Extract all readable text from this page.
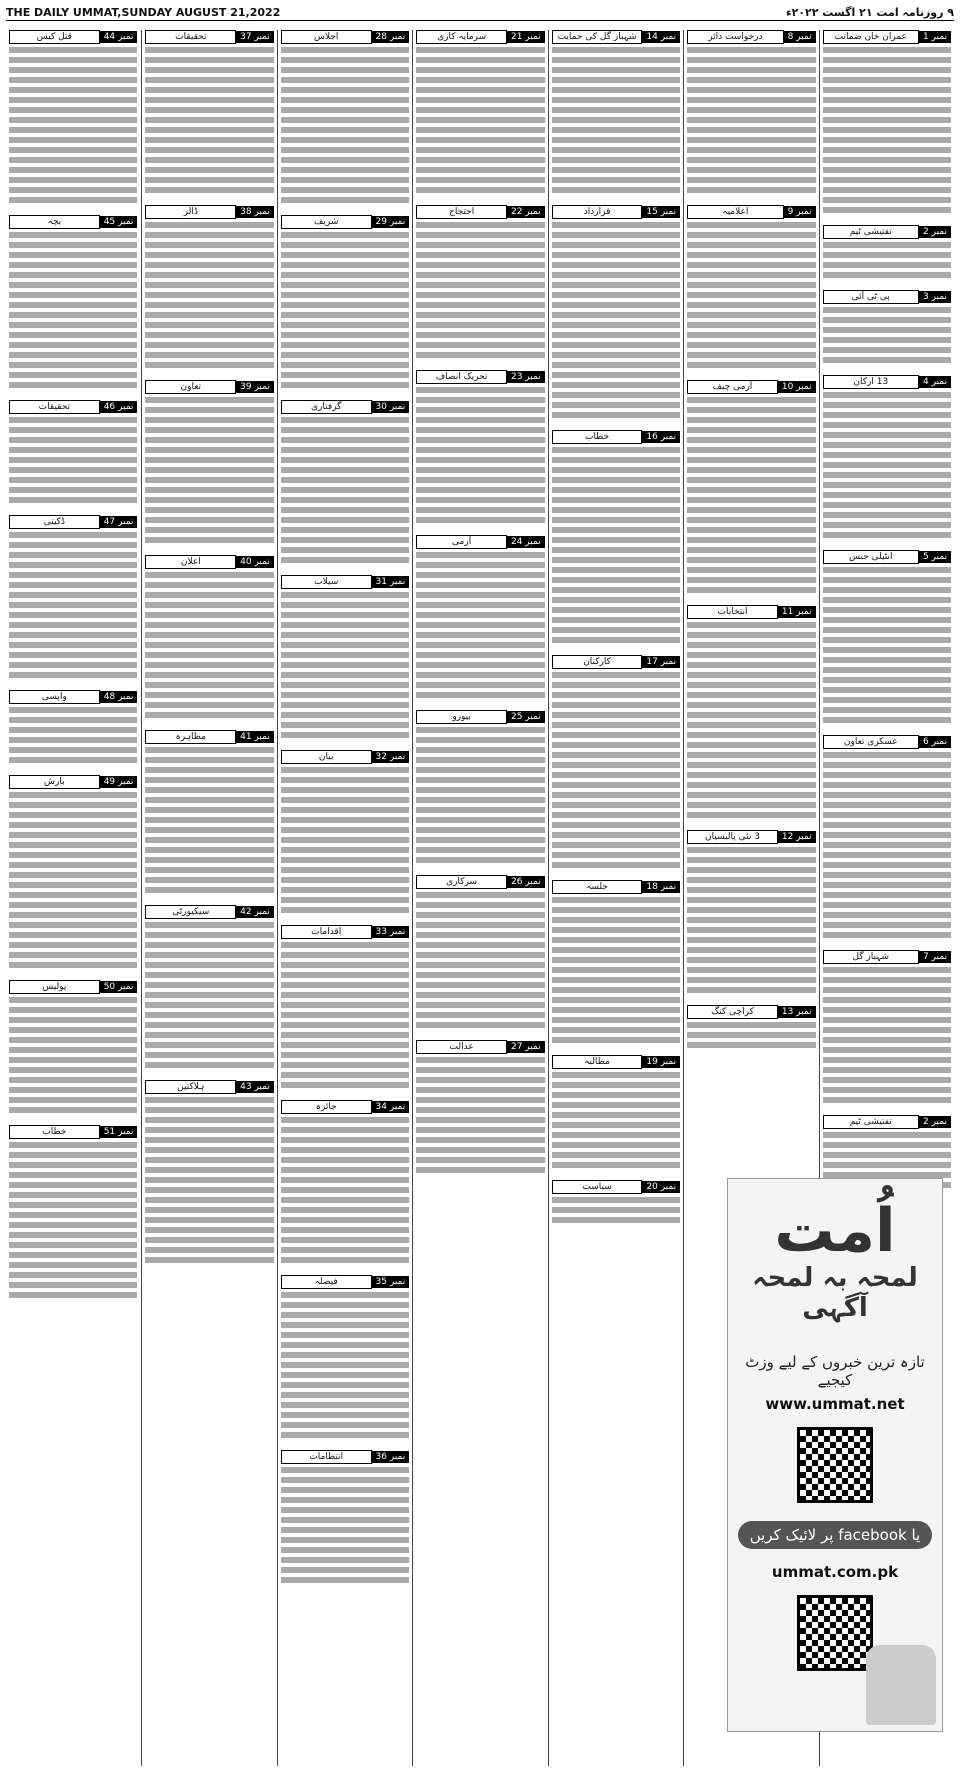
THE DAILY UMMAT,SUNDAY AUGUST 21,2022	۹ روزنامہ امت ۲۱ اگست ۲۰۲۲ء
نمبر 1
عمران خان ضمانت
نمبر 2
تفتیشی ٹیم
نمبر 3
پی ٹی آئی
نمبر 4
13 ارکان
نمبر 5
انٹیلی جنس
نمبر 6
عسکری تعاون
نمبر 7
شہباز گل
نمبر 2
تفتیشی ٹیم
نمبر 8
درخواست دائر
نمبر 9
اعلامیہ
نمبر 10
آرمی چیف
نمبر 11
انتخابات
نمبر 12
3 نئی پالیسیاں
نمبر 13
کراچی کنگ
نمبر 14
شہباز گل کی حمایت
نمبر 15
قرارداد
نمبر 16
خطاب
نمبر 17
کارکنان
نمبر 18
جلسہ
نمبر 19
مطالبہ
نمبر 20
سیاست
نمبر 21
سرمایہ کاری
نمبر 22
احتجاج
نمبر 23
تحریک انصاف
نمبر 24
آرمی
نمبر 25
بیورو
نمبر 26
سرکاری
نمبر 27
عدالت
نمبر 28
اجلاس
نمبر 29
شریف
نمبر 30
گرفتاری
نمبر 31
سیلاب
نمبر 32
بیان
نمبر 33
اقدامات
نمبر 34
جائزہ
نمبر 35
فیصلہ
نمبر 36
انتظامات
نمبر 37
تحقیقات
نمبر 38
ڈالر
نمبر 39
تعاون
نمبر 40
اعلان
نمبر 41
مظاہرہ
نمبر 42
سیکیورٹی
نمبر 43
ہلاکتیں
نمبر 44
قتل کیس
نمبر 45
بچہ
نمبر 46
تحقیقات
نمبر 47
ڈکیتی
نمبر 48
واپسی
نمبر 49
بارش
نمبر 50
پولیس
نمبر 51
خطاب
اُمت
لمحہ بہ لمحہ آگہی
تازہ ترین خبروں کے لیے وزٹ کیجیے
www.ummat.net
یا facebook پر لائیک کریں
ummat.com.pk
